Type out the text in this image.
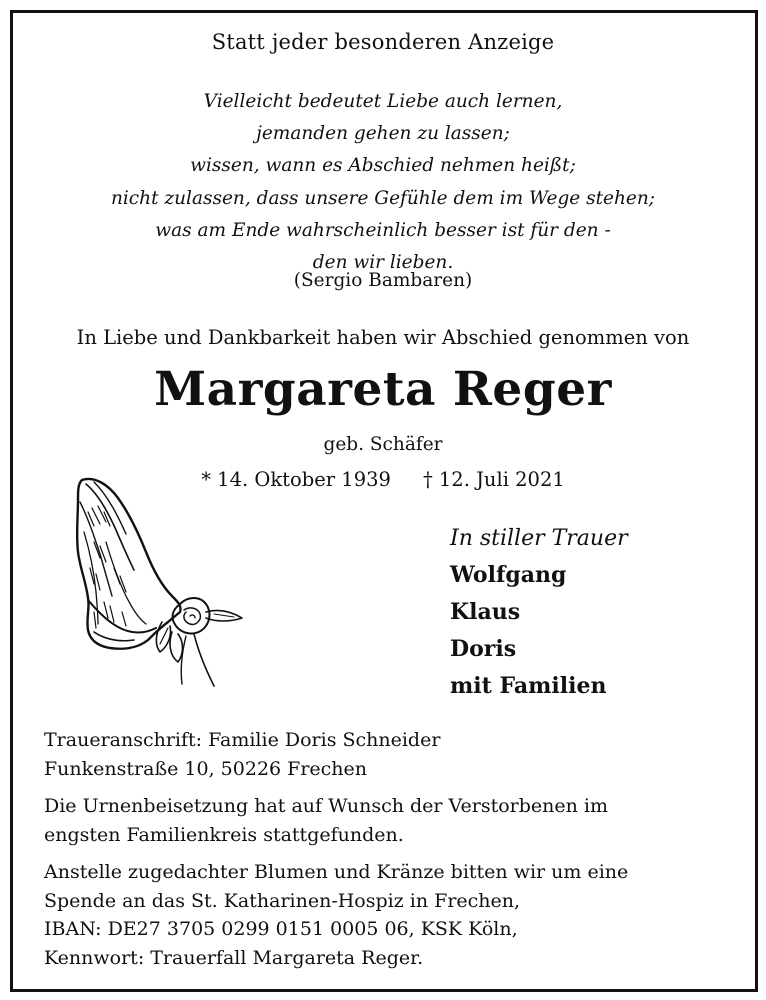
Statt jeder besonderen Anzeige
Vielleicht bedeutet Liebe auch lernen,
jemanden gehen zu lassen;
wissen, wann es Abschied nehmen heißt;
nicht zulassen, dass unsere Gefühle dem im Wege stehen;
was am Ende wahrscheinlich besser ist für den -
den wir lieben.
(Sergio Bambaren)
In Liebe und Dankbarkeit haben wir Abschied genommen von
Margareta Reger
geb. Schäfer
* 14. Oktober 1939 † 12. Juli 2021
In stiller Trauer
Wolfgang
Klaus
Doris
mit Familien
Traueranschrift: Familie Doris Schneider
Funkenstraße 10, 50226 Frechen
Die Urnenbeisetzung hat auf Wunsch der Verstorbenen im
engsten Familienkreis stattgefunden.
Anstelle zugedachter Blumen und Kränze bitten wir um eine
Spende an das St. Katharinen-Hospiz in Frechen,
IBAN: DE27 3705 0299 0151 0005 06, KSK Köln,
Kennwort: Trauerfall Margareta Reger.
